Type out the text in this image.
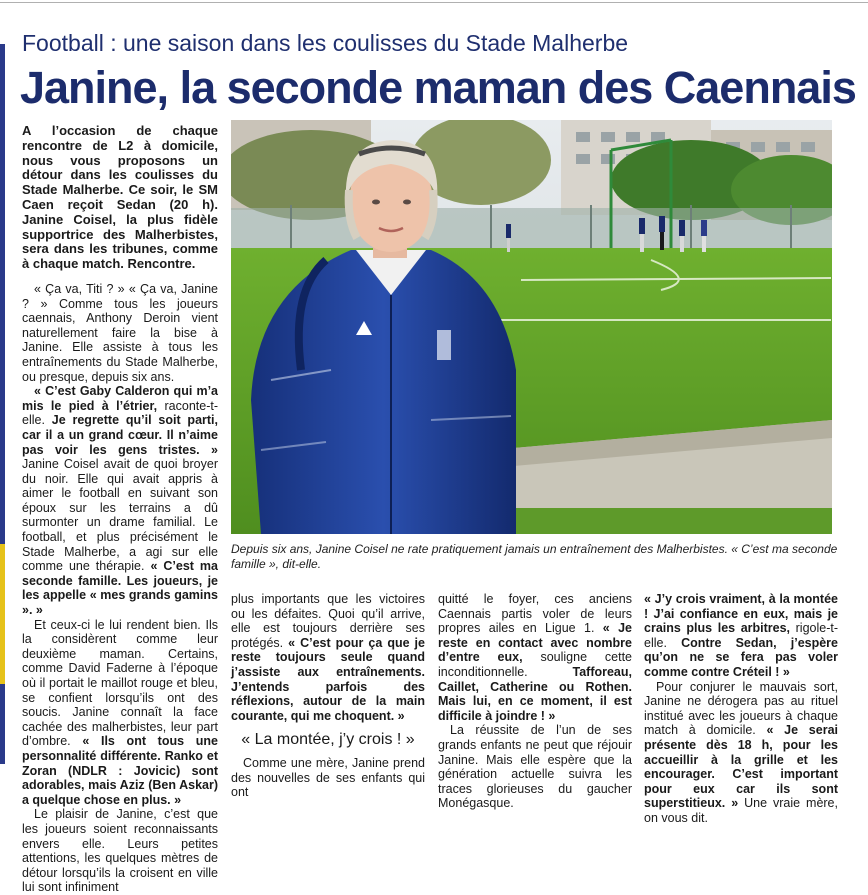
Football : une saison dans les coulisses du Stade Malherbe
Janine, la seconde maman des Caennais

A l’occasion de chaque rencontre de L2 à domicile, nous vous proposons un détour dans les coulisses du Stade Malherbe. Ce soir, le SM Caen reçoit Sedan (20 h). Janine Coisel, la plus fidèle supportrice des Malherbistes, sera dans les tribunes, comme à chaque match. Rencontre.

« Ça va, Titi ? » « Ça va, Janine ? » Comme tous les joueurs caennais, Anthony Deroin vient naturellement faire la bise à Janine. Elle assiste à tous les entraînements du Stade Malherbe, ou presque, depuis six ans.

« C’est Gaby Calderon qui m’a mis le pied à l’étrier, raconte-t-elle. Je regrette qu’il soit parti, car il a un grand cœur. Il n’aime pas voir les gens tristes. » Janine Coisel avait de quoi broyer du noir. Elle qui avait appris à aimer le football en suivant son époux sur les terrains a dû surmonter un drame familial. Le football, et plus précisément le Stade Malherbe, a agi sur elle comme une thérapie. « C’est ma seconde famille. Les joueurs, je les appelle « mes grands gamins ». »

Et ceux-ci le lui rendent bien. Ils la considèrent comme leur deuxième maman. Certains, comme David Faderne à l’époque où il portait le maillot rouge et bleu, se confient lorsqu’ils ont des soucis. Janine connaît la face cachée des malherbistes, leur part d’ombre. « Ils ont tous une personnalité différente. Ranko et Zoran (NDLR : Jovicic) sont adorables, mais Aziz (Ben Askar) a quelque chose en plus. »

Le plaisir de Janine, c’est que les joueurs soient reconnaissants envers elle. Leurs petites attentions, les quelques mètres de détour lorsqu’ils la croisent en ville lui sont infiniment

Depuis six ans, Janine Coisel ne rate pratiquement jamais un entraînement des Malherbistes. « C’est ma seconde famille », dit-elle.

plus importants que les victoires ou les défaites. Quoi qu’il arrive, elle est toujours derrière ses protégés. « C’est pour ça que je reste toujours seule quand j’assiste aux entraînements. J’entends parfois des réflexions, autour de la main courante, qui me choquent. »

« La montée, j’y crois ! »

Comme une mère, Janine prend des nouvelles de ses enfants qui ont

quitté le foyer, ces anciens Caennais partis voler de leurs propres ailes en Ligue 1. « Je reste en contact avec nombre d’entre eux, souligne cette inconditionnelle. Tafforeau, Caillet, Catherine ou Rothen. Mais lui, en ce moment, il est difficile à joindre ! »

La réussite de l’un de ses grands enfants ne peut que réjouir Janine. Mais elle espère que la génération actuelle suivra les traces glorieuses du gaucher Monégasque.

« J’y crois vraiment, à la montée ! J’ai confiance en eux, mais je crains plus les arbitres, rigole-t-elle. Contre Sedan, j’espère qu’on ne se fera pas voler comme contre Créteil ! »

Pour conjurer le mauvais sort, Janine ne dérogera pas au rituel institué avec les joueurs à chaque match à domicile. « Je serai présente dès 18 h, pour les accueillir à la grille et les encourager. C’est important pour eux car ils sont superstitieux. » Une vraie mère, on vous dit.
